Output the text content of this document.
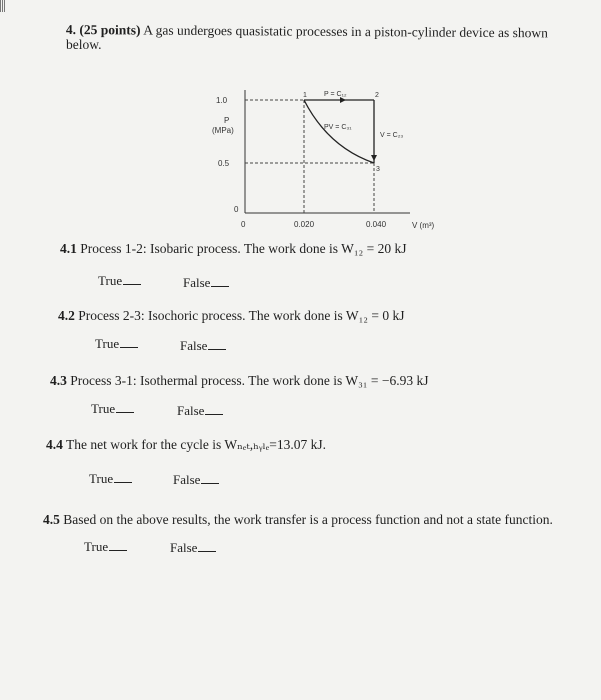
4. (25 points) A gas undergoes quasistatic processes in a piston-cylinder device as shown
below.
1.0
P
(MPa)
0.5
0
0	0.020	0.040	V (m³)
1	2
3
P = C₁₂
PV = C₃₁
V = C₂₃
4.1 Process 1-2: Isobaric process. The work done is W₁₂ = 20 kJ
True	False
4.2 Process 2-3: Isochoric process. The work done is W₁₂ = 0 kJ
True	False
4.3 Process 3-1: Isothermal process. The work done is W₃₁ = −6.93 kJ
True	False
4.4 The net work for the cycle is Wₙₑₜ,ₕᵧₗₑ=13.07 kJ.
True	False
4.5 Based on the above results, the work transfer is a process function and not a state function.
True	False
